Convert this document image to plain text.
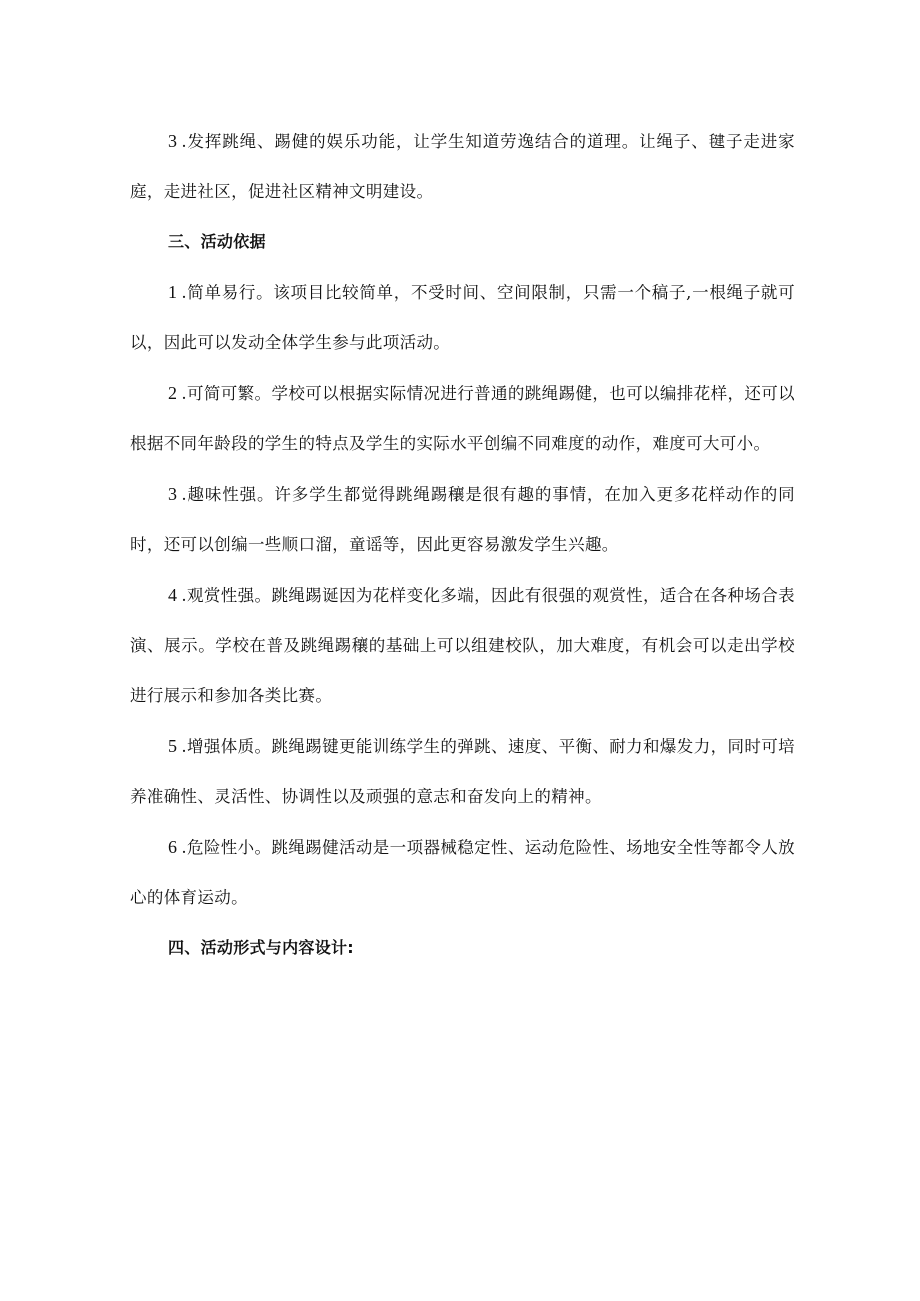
3 .发挥跳绳、踢健的娱乐功能，让学生知道劳逸结合的道理。让绳子、毽子走进家庭，走进社区，促进社区精神文明建设。

三、活动依据

1 .简单易行。该项目比较简单，不受时间、空间限制，只需一个稿子,一根绳子就可以，因此可以发动全体学生参与此项活动。

2 .可简可繁。学校可以根据实际情况进行普通的跳绳踢健，也可以编排花样，还可以根据不同年龄段的学生的特点及学生的实际水平创编不同难度的动作，难度可大可小。

3 .趣味性强。许多学生都觉得跳绳踢穰是很有趣的事情，在加入更多花样动作的同时，还可以创编一些顺口溜，童谣等，因此更容易激发学生兴趣。

4 .观赏性强。跳绳踢诞因为花样变化多端，因此有很强的观赏性，适合在各种场合表演、展示。学校在普及跳绳踢穰的基础上可以组建校队，加大难度，有机会可以走出学校进行展示和参加各类比赛。

5 .增强体质。跳绳踢键更能训练学生的弹跳、速度、平衡、耐力和爆发力，同时可培养准确性、灵活性、协调性以及顽强的意志和奋发向上的精神。

6 .危险性小。跳绳踢健活动是一项器械稳定性、运动危险性、场地安全性等都令人放心的体育运动。

四、活动形式与内容设计:
